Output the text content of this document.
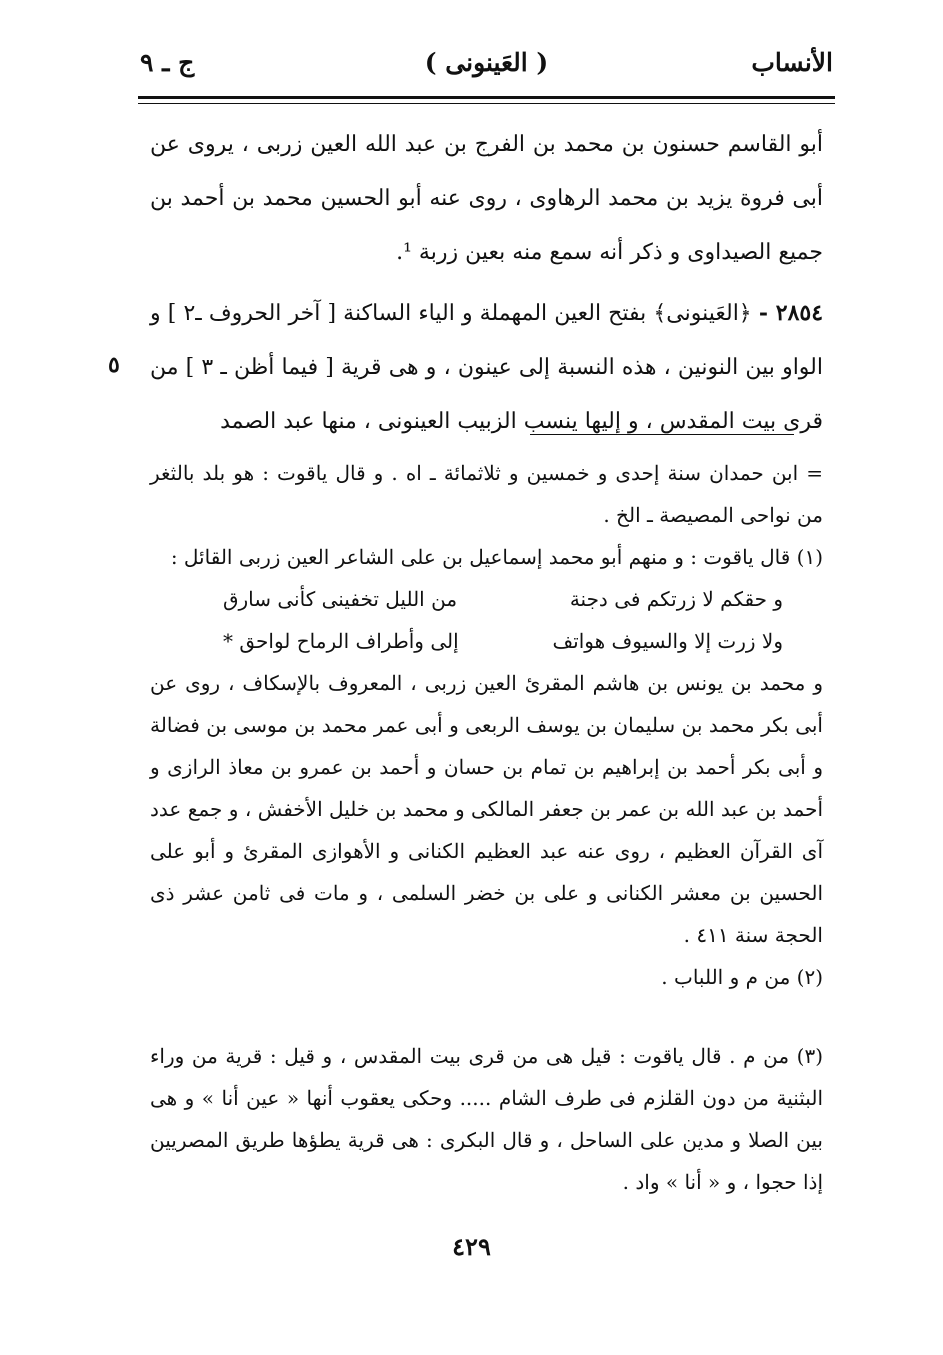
الأنساب
( العَينونى )
ج ـ ٩

أبو القاسم حسنون بن محمد بن الفرج بن عبد الله العين زربى ، يروى عن أبى فروة يزيد بن محمد الرهاوى ، روى عنه أبو الحسين محمد بن أحمد بن جميع الصيداوى و ذكر أنه سمع منه بعين زربة ¹.

٢٨٥٤ - ﴿العَينونى﴾ بفتح العين المهملة و الياء الساكنة [ آخر الحروف ـ٢ ] و الواو بين النونين ، هذه النسبة إلى عينون ، و هى قرية [ فيما أظن ـ ٣ ] من قرى بيت المقدس ، و إليها ينسب الزبيب العينونى ، منها عبد الصمد

٥

= ابن حمدان سنة إحدى و خمسين و ثلاثمائة ـ اه . و قال ياقوت : هو بلد بالثغر من نواحى المصيصة ـ الخ .

(١) قال ياقوت : و منهم أبو محمد إسماعيل بن على الشاعر العين زربى القائل :

و حقكم لا زرتكم فى دجنة
من الليل تخفينى كأنى سارق
ولا زرت إلا والسيوف هواتف
إلى وأطراف الرماح لواحق *

و محمد بن يونس بن هاشم المقرئ العين زربى ، المعروف بالإسكاف ، روى عن أبى بكر محمد بن سليمان بن يوسف الربعى و أبى عمر محمد بن موسى بن فضالة و أبى بكر أحمد بن إبراهيم بن تمام بن حسان و أحمد بن عمرو بن معاذ الرازى و أحمد بن عبد الله بن عمر بن جعفر المالكى و محمد بن خليل الأخفش ، و جمع عدد آى القرآن العظيم ، روى عنه عبد العظيم الكنانى و الأهوازى المقرئ و أبو على الحسين بن معشر الكنانى و على بن خضر السلمى ، و مات فى ثامن عشر ذى الحجة سنة ٤١١ .

(٢) من م و اللباب .

(٣) من م . قال ياقوت : قيل هى من قرى بيت المقدس ، و قيل : قرية من وراء البثنية من دون القلزم فى طرف الشام ..... وحكى يعقوب أنها « عين أنا » و هى بين الصلا و مدين على الساحل ، و قال البكرى : هى قرية يطؤها طريق المصريين إذا حجوا ، و « أنا » واد .

٤٢٩
